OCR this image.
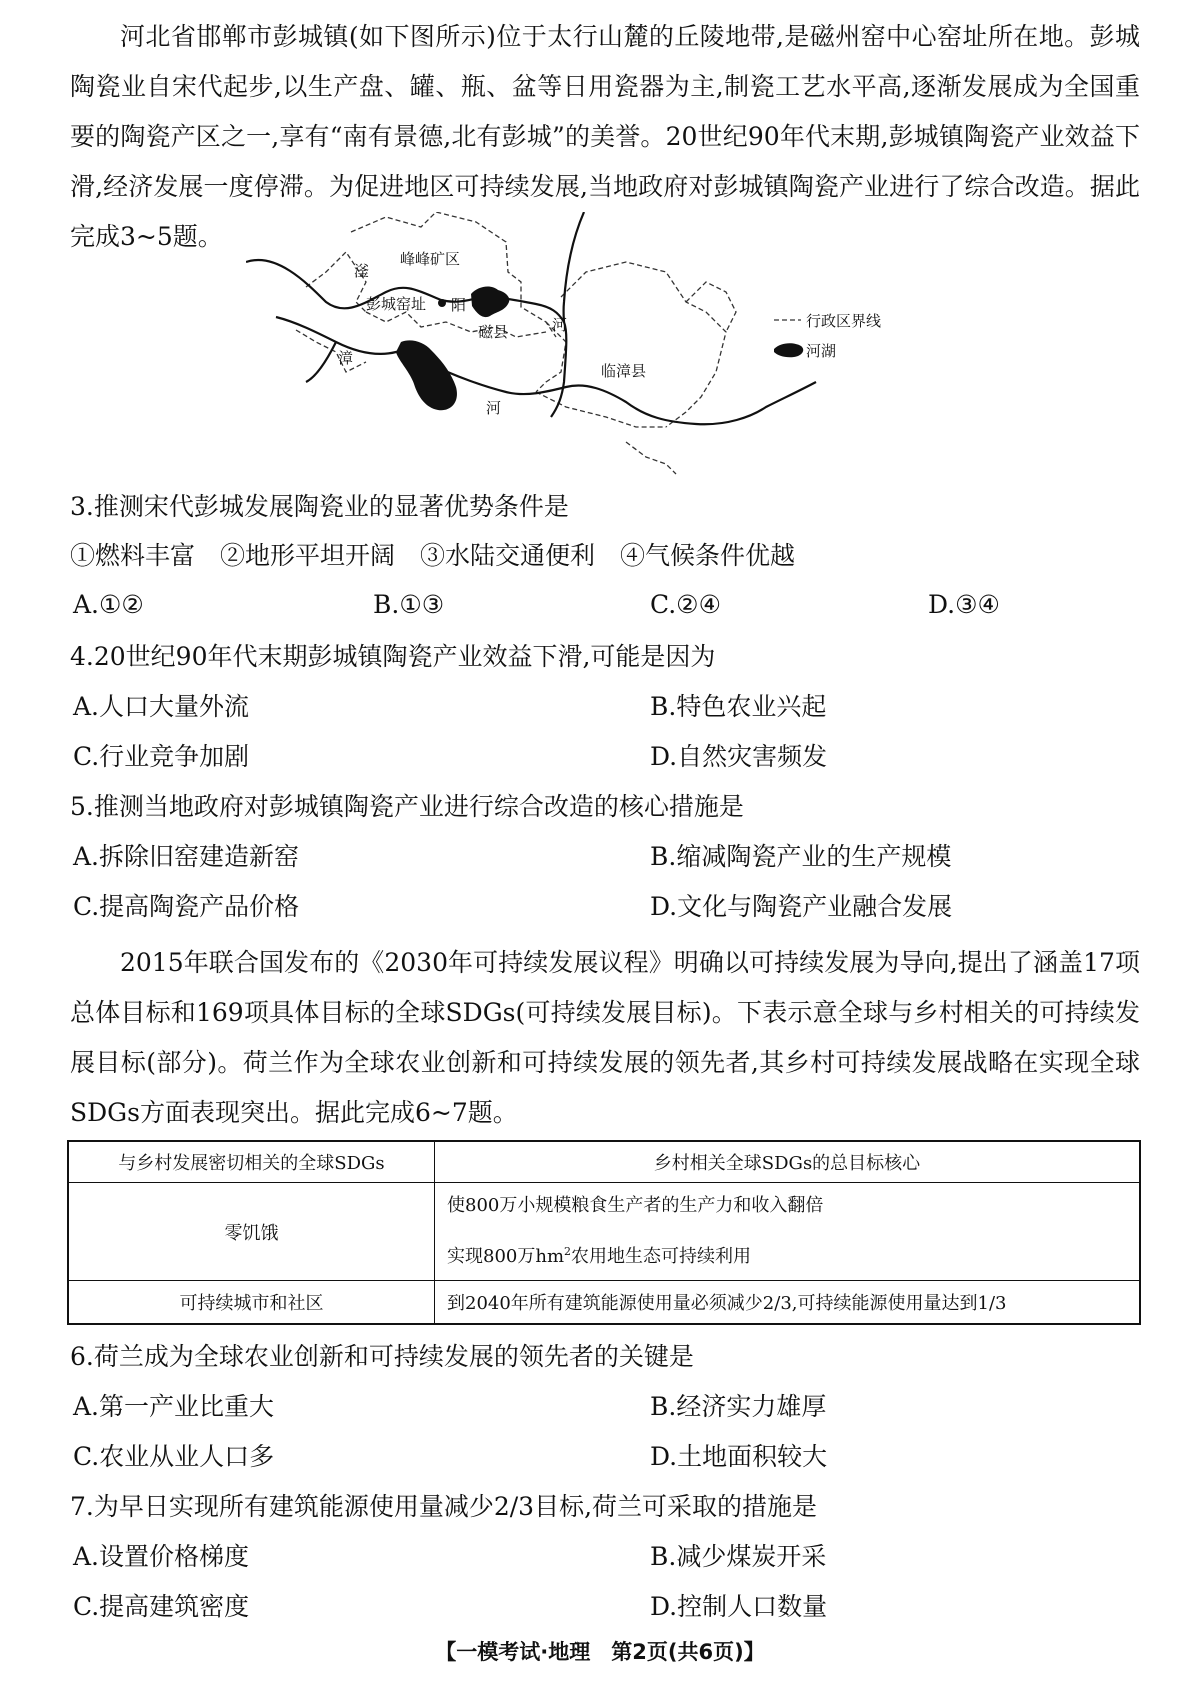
河北省邯郸市彭城镇(如下图所示)位于太行山麓的丘陵地带,是磁州窑中心窑址所在地。彭城陶瓷业自宋代起步,以生产盘、罐、瓶、盆等日用瓷器为主,制瓷工艺水平高,逐渐发展成为全国重要的陶瓷产区之一,享有“南有景德,北有彭城”的美誉。20世纪90年代末期,彭城镇陶瓷产业效益下滑,经济发展一度停滞。为促进地区可持续发展,当地政府对彭城镇陶瓷产业进行了综合改造。据此完成3~5题。

峰峰矿区
彭城窑址
磁县
临漳县
滏
阳
河
漳
河
行政区界线
河湖

3.推测宋代彭城发展陶瓷业的显著优势条件是

①燃料丰富　②地形平坦开阔　③水陆交通便利　④气候条件优越

A.①②	B.①③	C.②④	D.③④

4.20世纪90年代末期彭城镇陶瓷产业效益下滑,可能是因为

A.人口大量外流	B.特色农业兴起

C.行业竞争加剧	D.自然灾害频发

5.推测当地政府对彭城镇陶瓷产业进行综合改造的核心措施是

A.拆除旧窑建造新窑	B.缩减陶瓷产业的生产规模

C.提高陶瓷产品价格	D.文化与陶瓷产业融合发展

2015年联合国发布的《2030年可持续发展议程》明确以可持续发展为导向,提出了涵盖17项总体目标和169项具体目标的全球SDGs(可持续发展目标)。下表示意全球与乡村相关的可持续发展目标(部分)。荷兰作为全球农业创新和可持续发展的领先者,其乡村可持续发展战略在实现全球SDGs方面表现突出。据此完成6~7题。

与乡村发展密切相关的全球SDGs	乡村相关全球SDGs的总目标核心
零饥饿	使800万小规模粮食生产者的生产力和收入翻倍
实现800万$hm^2$农用地生态可持续利用

可持续城市和社区	到2040年所有建筑能源使用量必须减少2/3,可持续能源使用量达到1/3

6.荷兰成为全球农业创新和可持续发展的领先者的关键是

A.第一产业比重大	B.经济实力雄厚

C.农业从业人口多	D.土地面积较大

7.为早日实现所有建筑能源使用量减少2/3目标,荷兰可采取的措施是

A.设置价格梯度	B.减少煤炭开采

C.提高建筑密度	D.控制人口数量

【一模考试·地理　第2页(共6页)】
